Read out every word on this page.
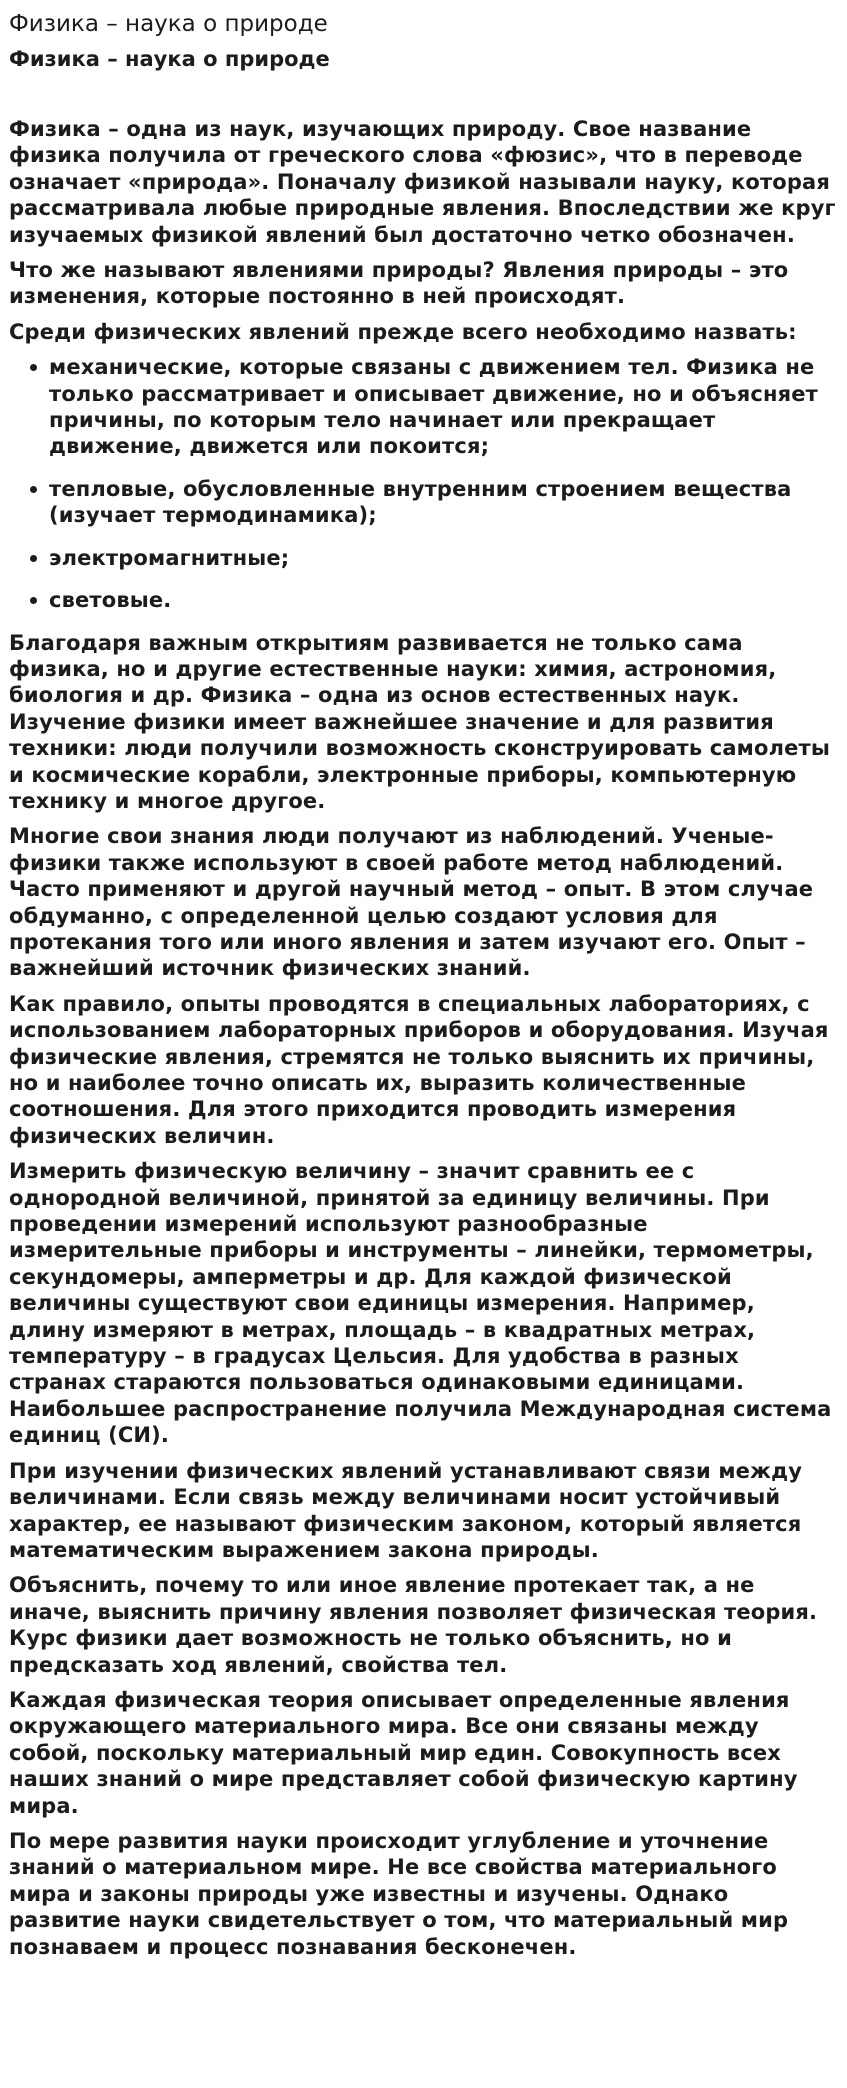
Физика – наука о природе
Физика – наука о природе

Физика – одна из наук, изучающих природу. Свое название физика получила от греческого слова «фюзис», что в переводе означает «природа». Поначалу физикой называли науку, которая рассматривала любые природные явления. Впоследствии же круг изучаемых физикой явлений был достаточно четко обозначен.

Что же называют явлениями природы? Явления природы – это изменения, которые постоянно в ней происходят.

Среди физических явлений прежде всего необходимо назвать:

механические, которые связаны с движением тел. Физика не только рассматривает и описывает движение, но и объясняет причины, по которым тело начинает или прекращает движение, движется или покоится;
тепловые, обусловленные внутренним строением вещества (изучает термодинамика);
электромагнитные;
световые.

Благодаря важным открытиям развивается не только сама физика, но и другие естественные науки: химия, астрономия, биология и др. Физика – одна из основ естественных наук. Изучение физики имеет важнейшее значение и для развития техники: люди получили возможность сконструировать самолеты и космические корабли, электронные приборы, компьютерную технику и многое другое.

Многие свои знания люди получают из наблюдений. Ученые-физики также используют в своей работе метод наблюдений. Часто применяют и другой научный метод – опыт. В этом случае обдуманно, с определенной целью создают условия для протекания того или иного явления и затем изучают его. Опыт – важнейший источник физических знаний.

Как правило, опыты проводятся в специальных лабораториях, с использованием лабораторных приборов и оборудования. Изучая физические явления, стремятся не только выяснить их причины, но и наиболее точно описать их, выразить количественные соотношения. Для этого приходится проводить измерения физических величин.

Измерить физическую величину – значит сравнить ее с однородной величиной, принятой за единицу величины. При проведении измерений используют разнообразные измерительные приборы и инструменты – линейки, термометры, секундомеры, амперметры и др. Для каждой физической величины существуют свои единицы измерения. Например, длину измеряют в метрах, площадь – в квадратных метрах, температуру – в градусах Цельсия. Для удобства в разных странах стараются пользоваться одинаковыми единицами. Наибольшее распространение получила Международная система единиц (СИ).

При изучении физических явлений устанавливают связи между величинами. Если связь между величинами носит устойчивый характер, ее называют физическим законом, который является математическим выражением закона природы.

Объяснить, почему то или иное явление протекает так, а не иначе, выяснить причину явления позволяет физическая теория. Курс физики дает возможность не только объяснить, но и предсказать ход явлений, свойства тел.

Каждая физическая теория описывает определенные явления окружающего материального мира. Все они связаны между собой, поскольку материальный мир един. Совокупность всех наших знаний о мире представляет собой физическую картину мира.

По мере развития науки происходит углубление и уточнение знаний о материальном мире. Не все свойства материального мира и законы природы уже известны и изучены. Однако развитие науки свидетельствует о том, что материальный мир познаваем и процесс познавания бесконечен.
